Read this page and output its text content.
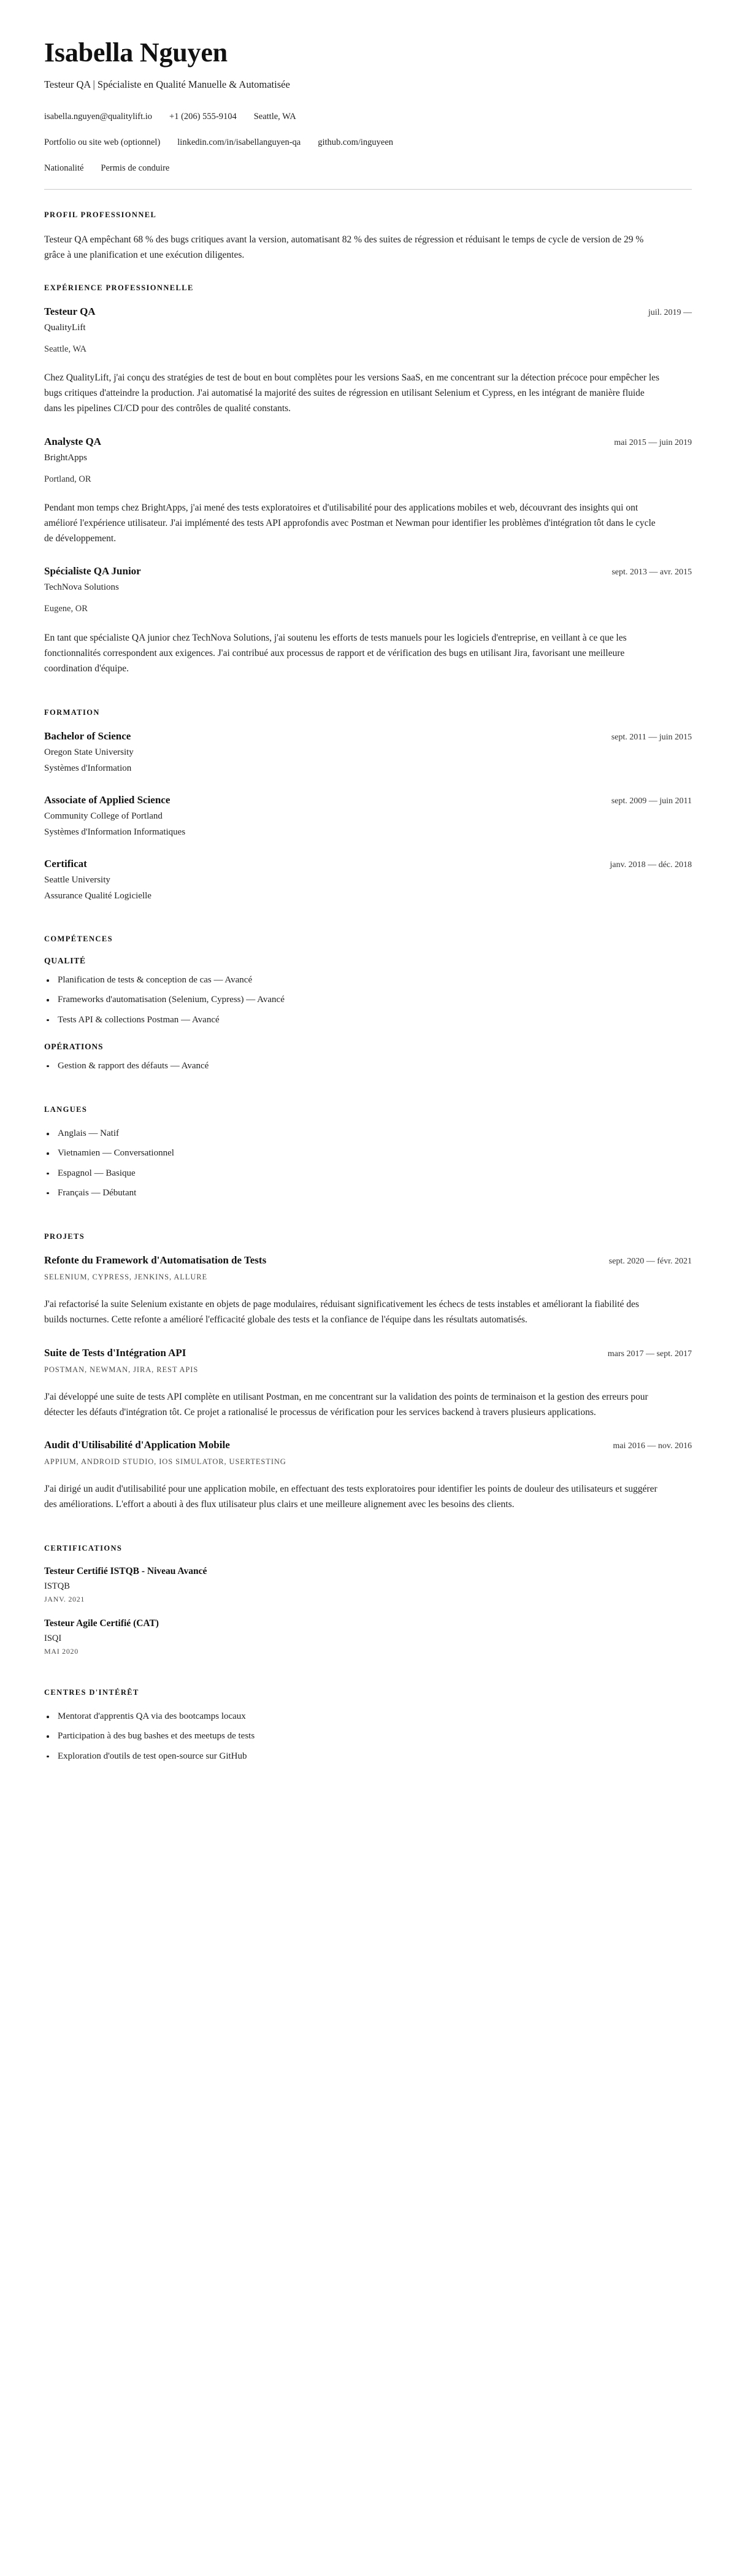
Isabella Nguyen
Testeur QA | Spécialiste en Qualité Manuelle & Automatisée
isabella.nguyen@qualitylift.io +1 (206) 555-9104 Seattle, WA
Portfolio ou site web (optionnel) linkedin.com/in/isabellanguyen-qa github.com/inguyeen
Nationalité Permis de conduire
PROFIL PROFESSIONNEL

Testeur QA empêchant 68 % des bugs critiques avant la version, automatisant 82 % des suites de régression et réduisant le temps de cycle de version de 29 % grâce à une planification et une exécution diligentes.

EXPÉRIENCE PROFESSIONNELLE
Testeur QA	juil. 2019 —

QualityLift

Seattle, WA

Chez QualityLift, j'ai conçu des stratégies de test de bout en bout complètes pour les versions SaaS, en me concentrant sur la détection précoce pour empêcher les bugs critiques d'atteindre la production. J'ai automatisé la majorité des suites de régression en utilisant Selenium et Cypress, en les intégrant de manière fluide dans les pipelines CI/CD pour des contrôles de qualité constants.

Analyste QA	mai 2015 — juin 2019

BrightApps

Portland, OR

Pendant mon temps chez BrightApps, j'ai mené des tests exploratoires et d'utilisabilité pour des applications mobiles et web, découvrant des insights qui ont amélioré l'expérience utilisateur. J'ai implémenté des tests API approfondis avec Postman et Newman pour identifier les problèmes d'intégration tôt dans le cycle de développement.

Spécialiste QA Junior	sept. 2013 — avr. 2015

TechNova Solutions

Eugene, OR

En tant que spécialiste QA junior chez TechNova Solutions, j'ai soutenu les efforts de tests manuels pour les logiciels d'entreprise, en veillant à ce que les fonctionnalités correspondent aux exigences. J'ai contribué aux processus de rapport et de vérification des bugs en utilisant Jira, favorisant une meilleure coordination d'équipe.

FORMATION
Bachelor of Science	sept. 2011 — juin 2015

Oregon State University

Systèmes d'Information

Associate of Applied Science	sept. 2009 — juin 2011

Community College of Portland

Systèmes d'Information Informatiques

Certificat	janv. 2018 — déc. 2018

Seattle University

Assurance Qualité Logicielle

COMPÉTENCES
QUALITÉ
Planification de tests & conception de cas — Avancé
Frameworks d'automatisation (Selenium, Cypress) — Avancé
Tests API & collections Postman — Avancé
OPÉRATIONS
Gestion & rapport des défauts — Avancé
LANGUES
Anglais — Natif
Vietnamien — Conversationnel
Espagnol — Basique
Français — Débutant
PROJETS
Refonte du Framework d'Automatisation de Tests	sept. 2020 — févr. 2021

SELENIUM, CYPRESS, JENKINS, ALLURE

J'ai refactorisé la suite Selenium existante en objets de page modulaires, réduisant significativement les échecs de tests instables et améliorant la fiabilité des builds nocturnes. Cette refonte a amélioré l'efficacité globale des tests et la confiance de l'équipe dans les résultats automatisés.

Suite de Tests d'Intégration API	mars 2017 — sept. 2017

POSTMAN, NEWMAN, JIRA, REST APIS

J'ai développé une suite de tests API complète en utilisant Postman, en me concentrant sur la validation des points de terminaison et la gestion des erreurs pour détecter les défauts d'intégration tôt. Ce projet a rationalisé le processus de vérification pour les services backend à travers plusieurs applications.

Audit d'Utilisabilité d'Application Mobile	mai 2016 — nov. 2016

APPIUM, ANDROID STUDIO, IOS SIMULATOR, USERTESTING

J'ai dirigé un audit d'utilisabilité pour une application mobile, en effectuant des tests exploratoires pour identifier les points de douleur des utilisateurs et suggérer des améliorations. L'effort a abouti à des flux utilisateur plus clairs et une meilleure alignement avec les besoins des clients.

CERTIFICATIONS
Testeur Certifié ISTQB - Niveau Avancé

ISTQB

JANV. 2021

Testeur Agile Certifié (CAT)

ISQI

MAI 2020

CENTRES D'INTÉRÊT
Mentorat d'apprentis QA via des bootcamps locaux
Participation à des bug bashes et des meetups de tests
Exploration d'outils de test open-source sur GitHub
